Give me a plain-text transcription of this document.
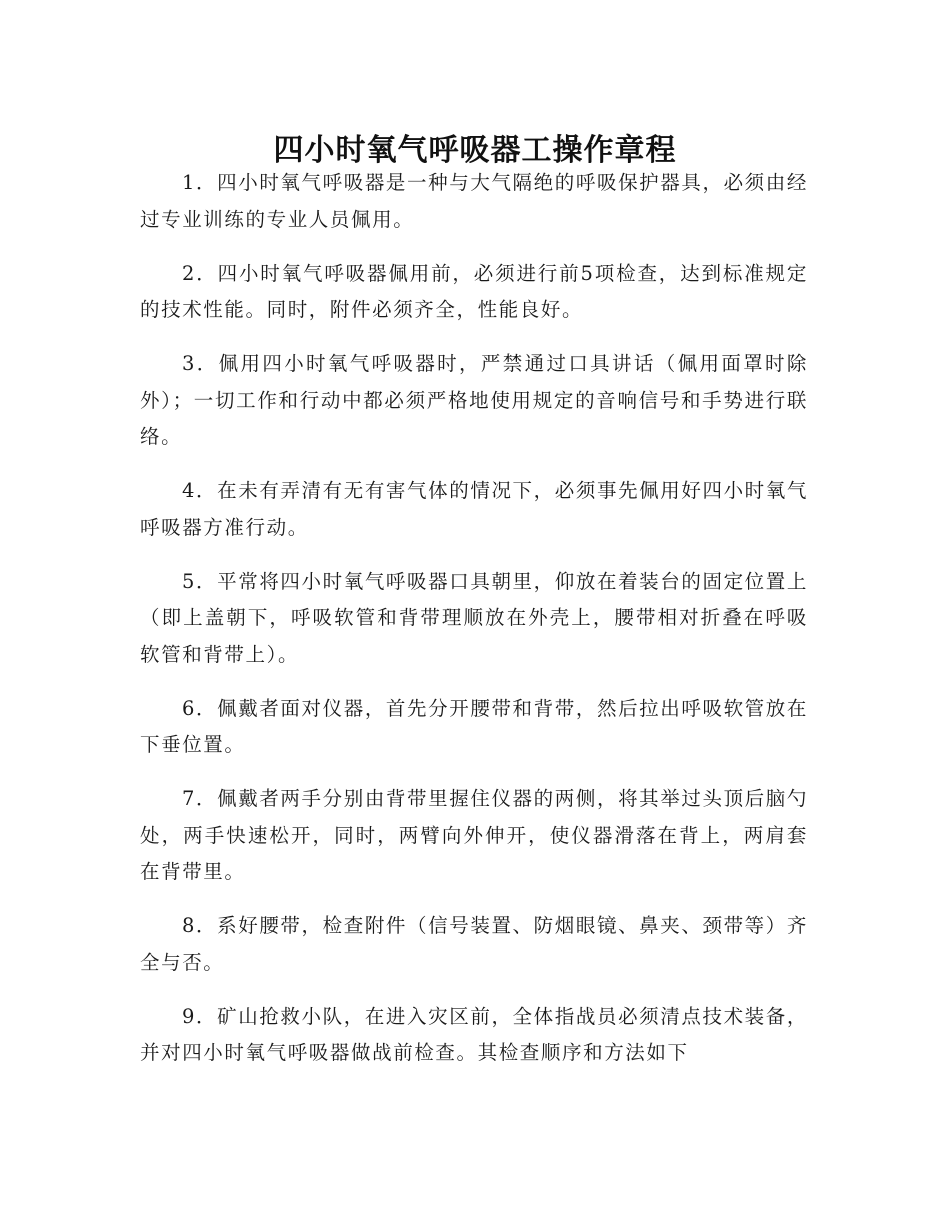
四小时氧气呼吸器工操作章程

1．四小时氧气呼吸器是一种与大气隔绝的呼吸保护器具，必须由经过专业训练的专业人员佩用。

2．四小时氧气呼吸器佩用前，必须进行前5项检查，达到标准规定的技术性能。同时，附件必须齐全，性能良好。

3．佩用四小时氧气呼吸器时，严禁通过口具讲话（佩用面罩时除外）；一切工作和行动中都必须严格地使用规定的音响信号和手势进行联络。

4．在未有弄清有无有害气体的情况下，必须事先佩用好四小时氧气呼吸器方准行动。

5．平常将四小时氧气呼吸器口具朝里，仰放在着装台的固定位置上（即上盖朝下，呼吸软管和背带理顺放在外壳上，腰带相对折叠在呼吸软管和背带上）。

6．佩戴者面对仪器，首先分开腰带和背带，然后拉出呼吸软管放在下垂位置。

7．佩戴者两手分别由背带里握住仪器的两侧，将其举过头顶后脑勺处，两手快速松开，同时，两臂向外伸开，使仪器滑落在背上，两肩套在背带里。

8．系好腰带，检查附件（信号装置、防烟眼镜、鼻夹、颈带等）齐全与否。

9．矿山抢救小队，在进入灾区前，全体指战员必须清点技术装备，并对四小时氧气呼吸器做战前检查。其检查顺序和方法如下
